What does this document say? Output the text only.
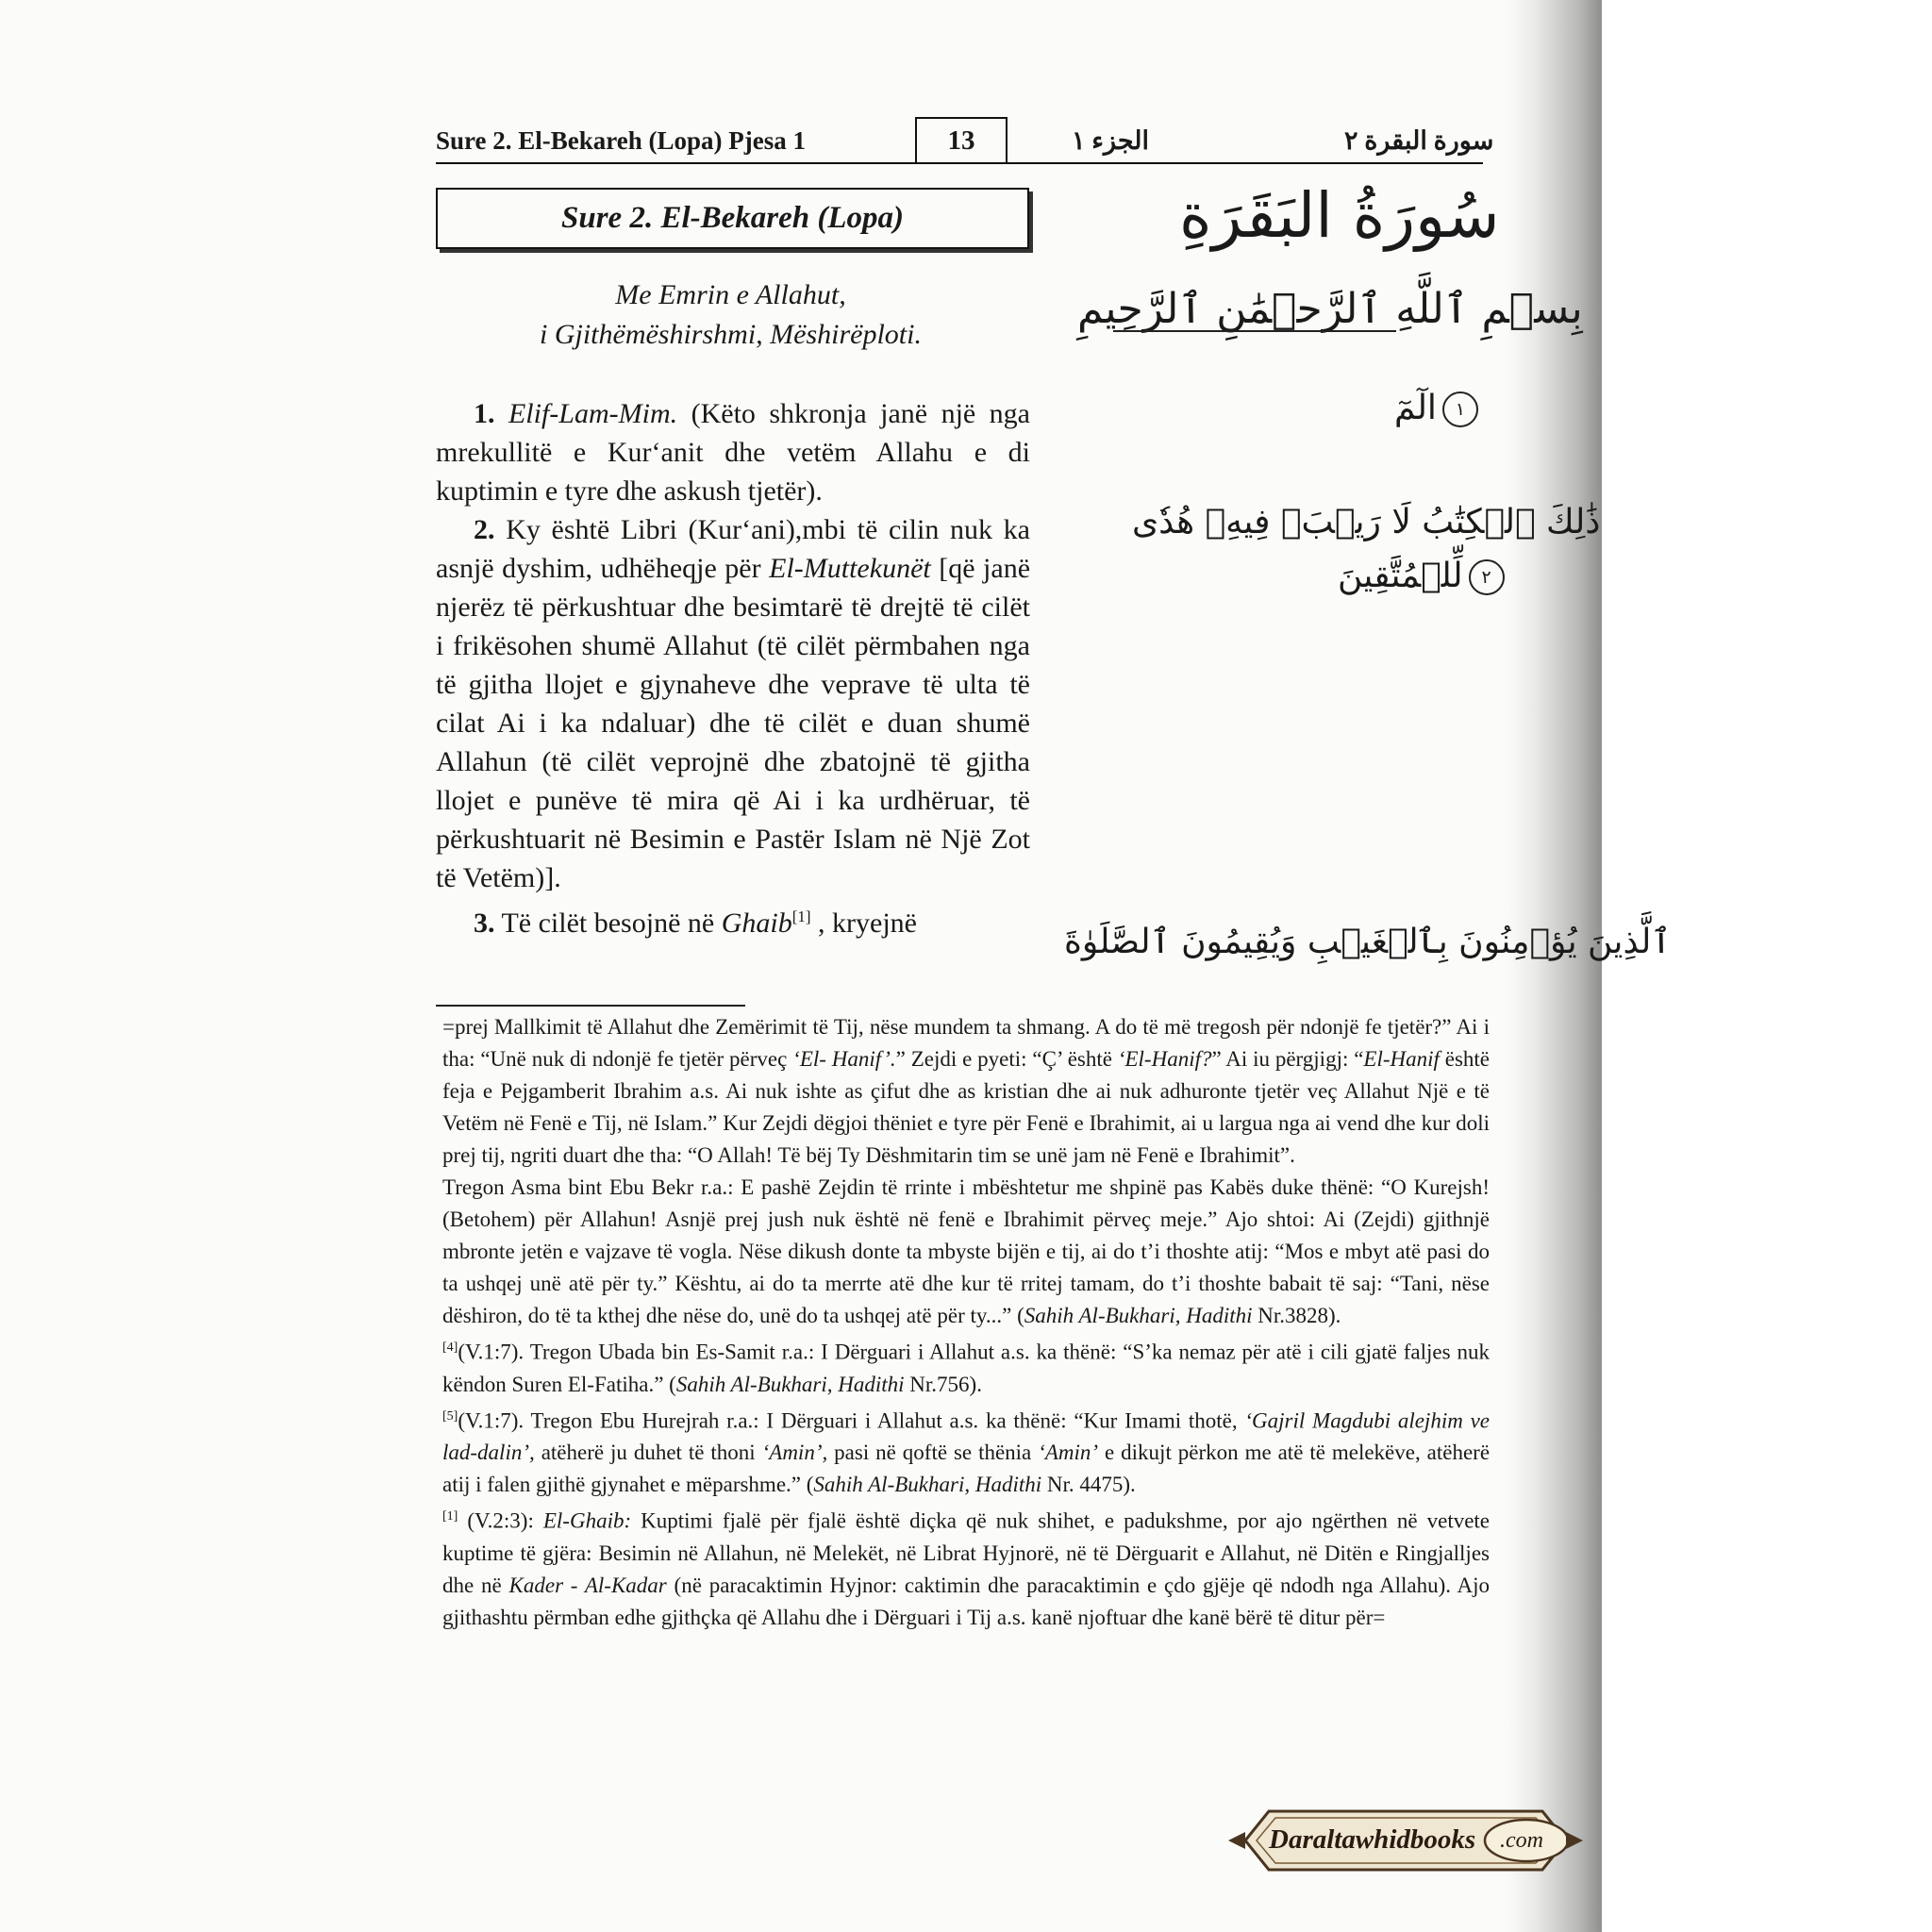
Sure 2. El-Bekareh (Lopa) Pjesa 1	13	الجزء ١	سورة البقرة ٢
Sure 2. El-Bekareh (Lopa)	سُورَةُ البَقَرَةِ
بِسۡمِ ٱللَّهِ ٱلرَّحۡمَٰنِ ٱلرَّحِيمِ
Me Emrin e Allahut,
i Gjithëmëshirshmi, Mëshirëploti.

1. Elif-Lam-Mim. (Këto shkronja janë një nga mrekullitë e Kur‘anit dhe vetëm Allahu e di kuptimin e tyre dhe askush tjetër).

2. Ky është Libri (Kur‘ani),mbi të cilin nuk ka asnjë dyshim, udhëheqje për El-Muttekunët [që janë njerëz të përkushtuar dhe besimtarë të drejtë të cilët i frikësohen shumë Allahut (të cilët përmbahen nga të gjitha llojet e gjynaheve dhe veprave të ulta të cilat Ai i ka ndaluar) dhe të cilët e duan shumë Allahun (të cilët veprojnë dhe zbatojnë të gjitha llojet e punëve të mira që Ai i ka urdhëruar, të përkushtuarit në Besimin e Pastër Islam në Një Zot të Vetëm)].

3. Të cilët besojnë në Ghaib[1] , kryejnë

١الٓمٓ
ذَٰلِكَ ٱلۡكِتَٰبُ لَا رَيۡبَۛ فِيهِۛ هُدٗى
٢لِّلۡمُتَّقِينَ
ٱلَّذِينَ يُؤۡمِنُونَ بِٱلۡغَيۡبِ وَيُقِيمُونَ ٱلصَّلَوٰةَ

=prej Mallkimit të Allahut dhe Zemërimit të Tij, nëse mundem ta shmang. A do të më tregosh për ndonjë fe tjetër?” Ai i tha: “Unë nuk di ndonjë fe tjetër përveç ‘El- Hanif’.” Zejdi e pyeti: “Ç’ është ‘El-Hanif?” Ai iu përgjigj: “El-Hanif është feja e Pejgamberit Ibrahim a.s. Ai nuk ishte as çifut dhe as kristian dhe ai nuk adhuronte tjetër veç Allahut Një e të Vetëm në Fenë e Tij, në Islam.” Kur Zejdi dëgjoi thëniet e tyre për Fenë e Ibrahimit, ai u largua nga ai vend dhe kur doli prej tij, ngriti duart dhe tha: “O Allah! Të bëj Ty Dëshmitarin tim se unë jam në Fenë e Ibrahimit”.

Tregon Asma bint Ebu Bekr r.a.: E pashë Zejdin të rrinte i mbështetur me shpinë pas Kabës duke thënë: “O Kurejsh! (Betohem) për Allahun! Asnjë prej jush nuk është në fenë e Ibrahimit përveç meje.” Ajo shtoi: Ai (Zejdi) gjithnjë mbronte jetën e vajzave të vogla. Nëse dikush donte ta mbyste bijën e tij, ai do t’i thoshte atij: “Mos e mbyt atë pasi do ta ushqej unë atë për ty.” Kështu, ai do ta merrte atë dhe kur të rritej tamam, do t’i thoshte babait të saj: “Tani, nëse dëshiron, do të ta kthej dhe nëse do, unë do ta ushqej atë për ty...” (Sahih Al-Bukhari, Hadithi Nr.3828).

[4](V.1:7). Tregon Ubada bin Es-Samit r.a.: I Dërguari i Allahut a.s. ka thënë: “S’ka nemaz për atë i cili gjatë faljes nuk këndon Suren El-Fatiha.” (Sahih Al-Bukhari, Hadithi Nr.756).

[5](V.1:7). Tregon Ebu Hurejrah r.a.: I Dërguari i Allahut a.s. ka thënë: “Kur Imami thotë, ‘Gajril Magdubi alejhim ve lad-dalin’, atëherë ju duhet të thoni ‘Amin’, pasi në qoftë se thënia ‘Amin’ e dikujt përkon me atë të melekëve, atëherë atij i falen gjithë gjynahet e mëparshme.” (Sahih Al-Bukhari, Hadithi Nr. 4475).

[1] (V.2:3): El-Ghaib: Kuptimi fjalë për fjalë është diçka që nuk shihet, e padukshme, por ajo ngërthen në vetvete kuptime të gjëra: Besimin në Allahun, në Melekët, në Librat Hyjnorë, në të Dërguarit e Allahut, në Ditën e Ringjalljes dhe në Kader - Al-Kadar (në paracaktimin Hyjnor: caktimin dhe paracaktimin e çdo gjëje që ndodh nga Allahu). Ajo gjithashtu përmban edhe gjithçka që Allahu dhe i Dërguari i Tij a.s. kanë njoftuar dhe kanë bërë të ditur për=

Daraltawhidbooks .com
